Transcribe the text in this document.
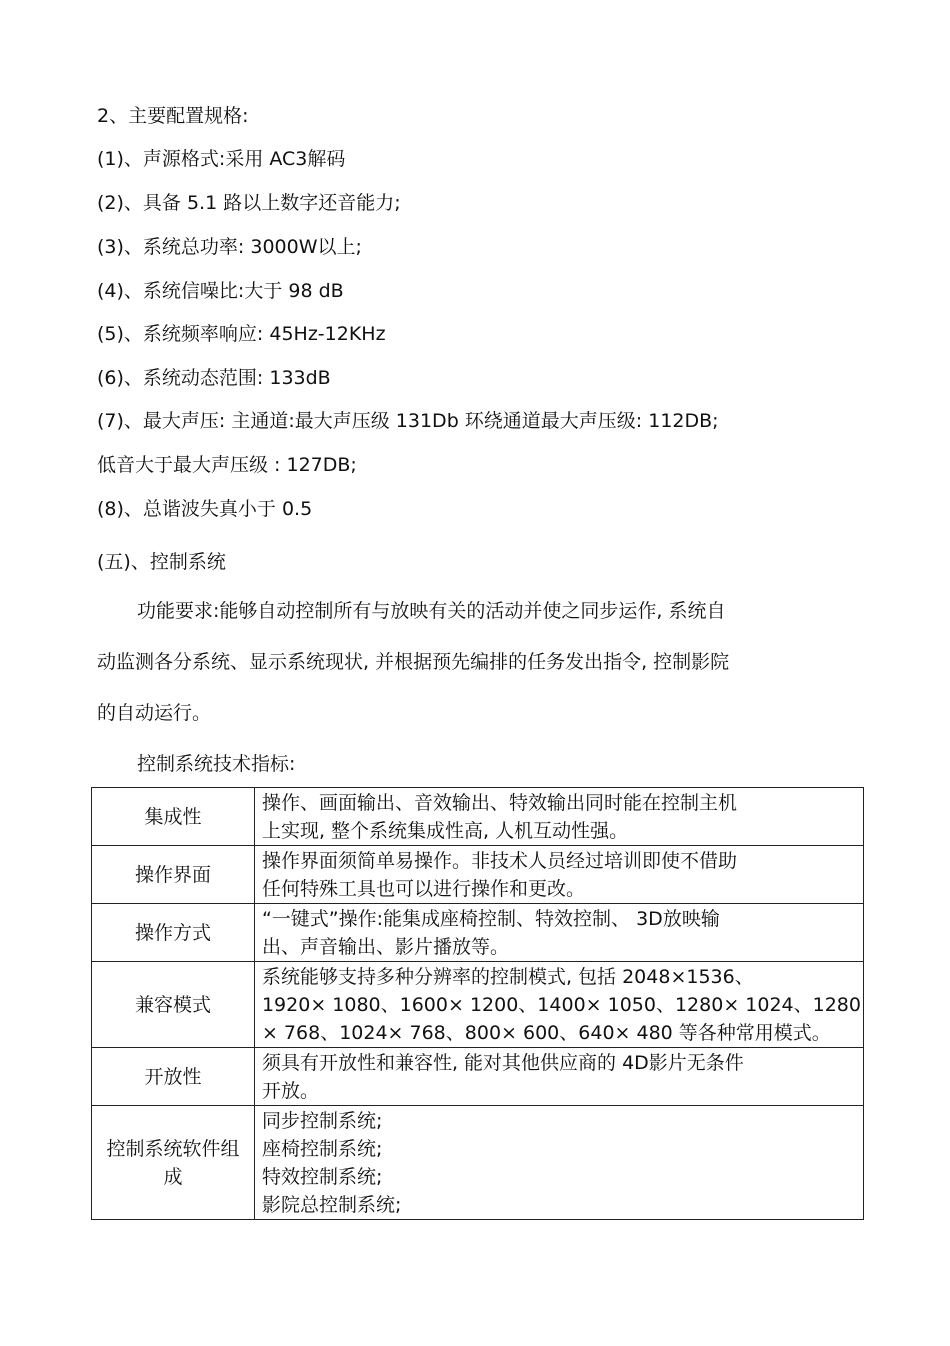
2、主要配置规格:
(1)、声源格式:采用 AC3解码
(2)、具备 5.1 路以上数字还音能力;
(3)、系统总功率: 3000W以上;
(4)、系统信噪比:大于 98 dB
(5)、系统频率响应: 45Hz-12KHz
(6)、系统动态范围: 133dB
(7)、最大声压: 主通道:最大声压级 131Db 环绕通道最大声压级: 112DB;
低音大于最大声压级 : 127DB;
(8)、总谐波失真小于 0.5
(五)、控制系统
功能要求:能够自动控制所有与放映有关的活动并使之同步运作, 系统自
动监测各分系统、显示系统现状, 并根据预先编排的任务发出指令, 控制影院
的自动运行。
控制系统技术指标:
集成性	操作、画面输出、音效输出、特效输出同时能在控制主机
上实现, 整个系统集成性高, 人机互动性强。

操作界面	操作界面须简单易操作。非技术人员经过培训即使不借助
任何特殊工具也可以进行操作和更改。

操作方式	“一键式”操作:能集成座椅控制、特效控制、 3D放映输
出、声音输出、影片播放等。

兼容模式	系统能够支持多种分辨率的控制模式, 包括 2048×1536、
1920× 1080、1600× 1200、1400× 1050、1280× 1024、1280
× 768、1024× 768、800× 600、640× 480 等各种常用模式。

开放性	须具有开放性和兼容性, 能对其他供应商的 4D影片无条件
开放。

控制系统软件组成	同步控制系统;
座椅控制系统;
特效控制系统;
影院总控制系统;
